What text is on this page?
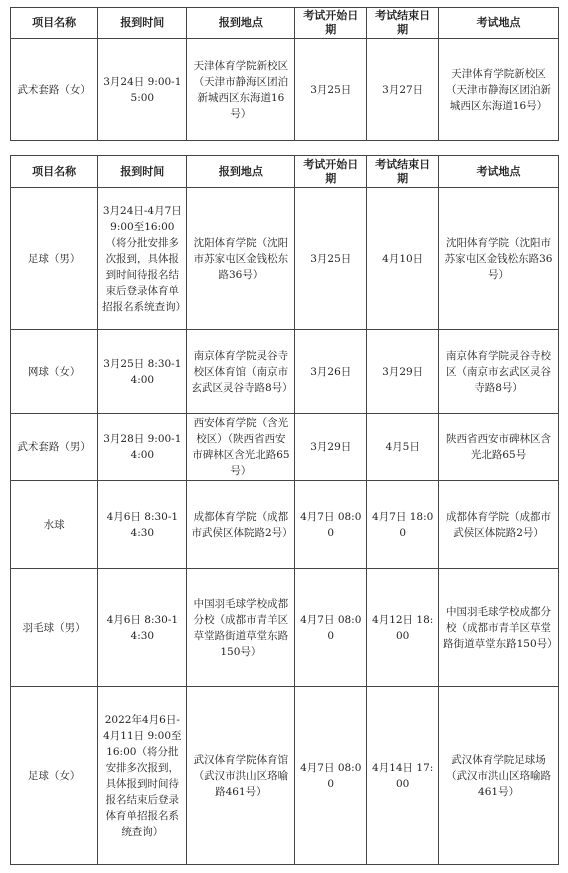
项目名称	报到时间	报到地点	考试开始日期	考试结束日期	考试地点
武术套路（女）	3月24日 9:00-15:00	天津体育学院新校区（天津市静海区团泊新城西区东海道16号）	3月25日	3月27日	天津体育学院新校区（天津市静海区团泊新城西区东海道16号）
项目名称	报到时间	报到地点	考试开始日期	考试结束日期	考试地点
足球（男）	3月24日-4月7日9:00至16:00（将分批安排多次报到，具体报到时间待报名结束后登录体育单招报名系统查询）	沈阳体育学院（沈阳市苏家屯区金钱松东路36号）	3月25日	4月10日	沈阳体育学院（沈阳市苏家屯区金钱松东路36号）
网球（女）	3月25日 8:30-14:00	南京体育学院灵谷寺校区体育馆（南京市玄武区灵谷寺路8号）	3月26日	3月29日	南京体育学院灵谷寺校区（南京市玄武区灵谷寺路8号）
武术套路（男）	3月28日 9:00-14:00	西安体育学院（含光校区）（陕西省西安市碑林区含光北路65号）	3月29日	4月5日	陕西省西安市碑林区含光北路65号
水球	4月6日 8:30-14:30	成都体育学院（成都市武侯区体院路2号）	4月7日 08:00	4月7日 18:00	成都体育学院（成都市武侯区体院路2号）
羽毛球（男）	4月6日 8:30-14:30	中国羽毛球学校成都分校（成都市青羊区草堂路街道草堂东路150号）	4月7日 08:00	4月12日 18:00	中国羽毛球学校成都分校（成都市青羊区草堂路街道草堂东路150号）
足球（女）	2022年4月6日-4月11日 9:00至16:00（将分批安排多次报到，具体报到时间待报名结束后登录体育单招报名系统查询）	武汉体育学院体育馆（武汉市洪山区珞喻路461号）	4月7日 08:00	4月14日 17:00	武汉体育学院足球场（武汉市洪山区珞喻路461号）
